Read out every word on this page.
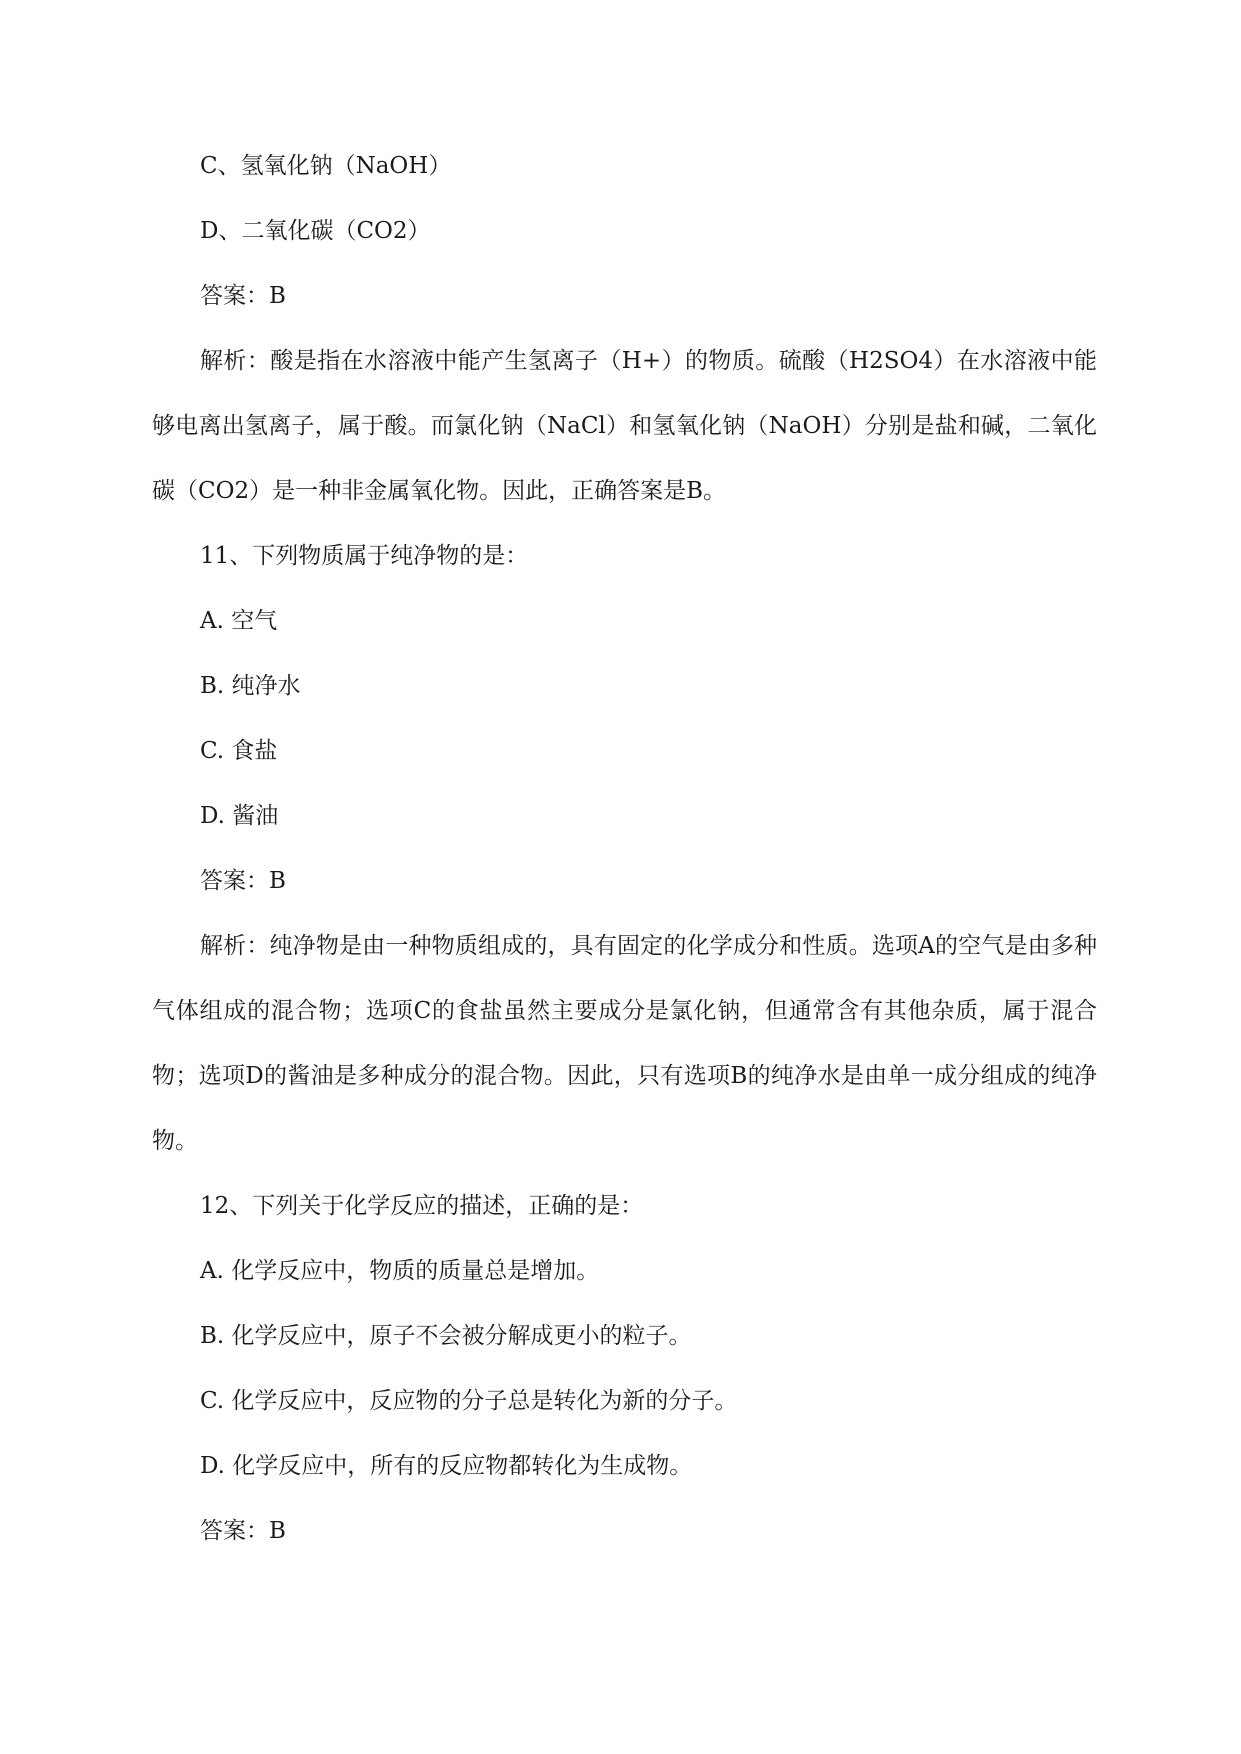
C、氢氧化钠（NaOH）

D、二氧化碳（CO2）

答案：B

解析：酸是指在水溶液中能产生氢离子（H+）的物质。硫酸（H2SO4）在水溶液中能够电离出氢离子，属于酸。而氯化钠（NaCl）和氢氧化钠（NaOH）分别是盐和碱，二氧化碳（CO2）是一种非金属氧化物。因此，正确答案是B。

11、下列物质属于纯净物的是：

A. 空气

B. 纯净水

C. 食盐

D. 酱油

答案：B

解析：纯净物是由一种物质组成的，具有固定的化学成分和性质。选项A的空气是由多种气体组成的混合物；选项C的食盐虽然主要成分是氯化钠，但通常含有其他杂质，属于混合物；选项D的酱油是多种成分的混合物。因此，只有选项B的纯净水是由单一成分组成的纯净物。

12、下列关于化学反应的描述，正确的是：

A. 化学反应中，物质的质量总是增加。

B. 化学反应中，原子不会被分解成更小的粒子。

C. 化学反应中，反应物的分子总是转化为新的分子。

D. 化学反应中，所有的反应物都转化为生成物。

答案：B
